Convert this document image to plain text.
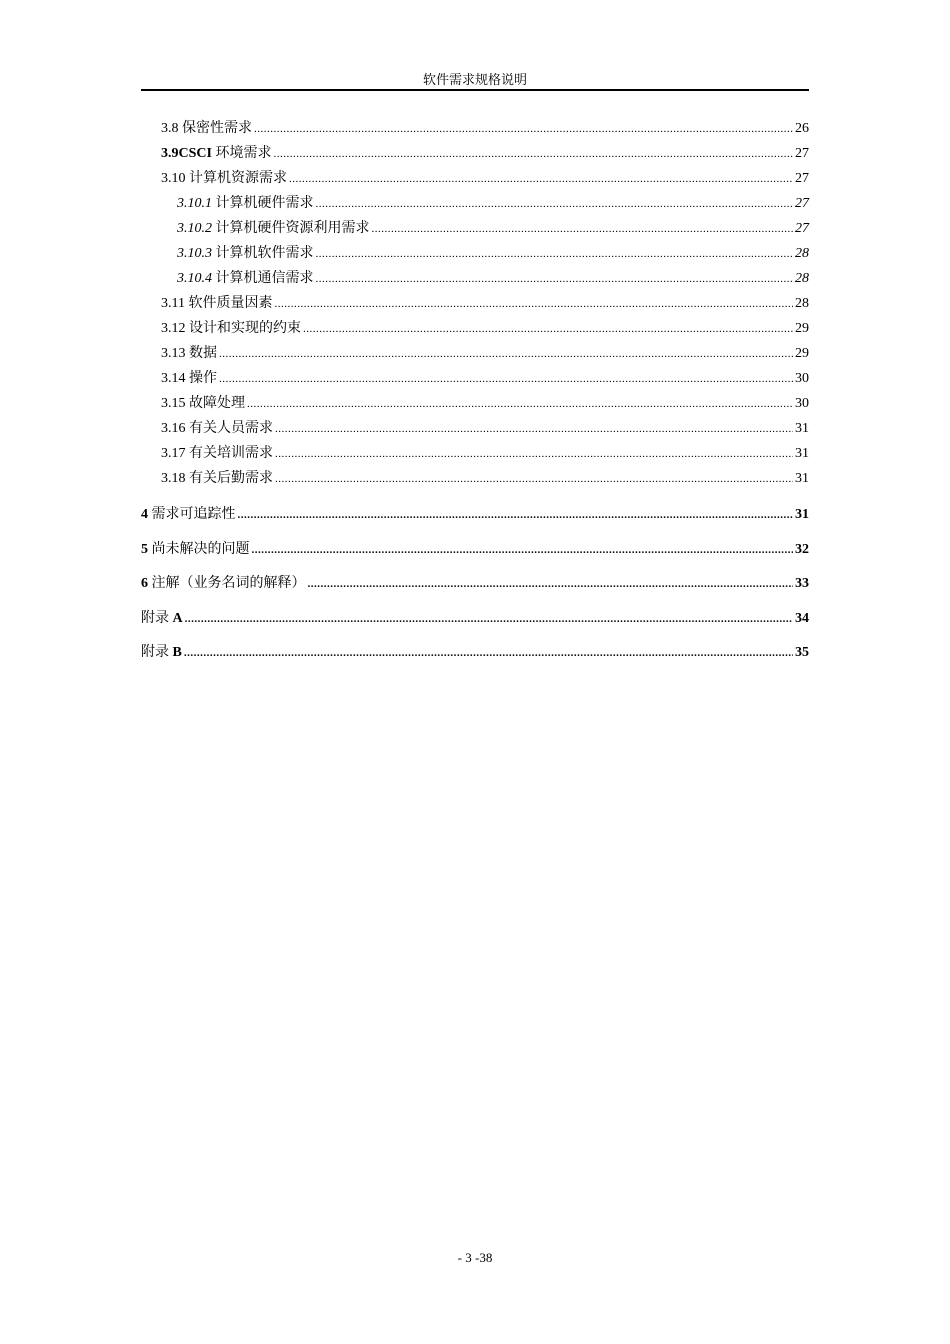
软件需求规格说明
3.8 保密性需求 .....	26
3.9CSCI 环境需求 .....	27
3.10 计算机资源需求 .....	27
3.10.1 计算机硬件需求 .....	27
3.10.2 计算机硬件资源利用需求 .....	27
3.10.3 计算机软件需求 .....	28
3.10.4 计算机通信需求 .....	28
3.11 软件质量因素 .....	28
3.12 设计和实现的约束 .....	29
3.13 数据 .....	29
3.14 操作 .....	30
3.15 故障处理 .....	30
3.16 有关人员需求 .....	31
3.17 有关培训需求 .....	31
3.18 有关后勤需求 .....	31
4 需求可追踪性 .....	31
5 尚未解决的问题 .....	32
6 注解（业务名词的解释） .....	33
附录 A .....	34
附录 B .....	35
- 3 -38
